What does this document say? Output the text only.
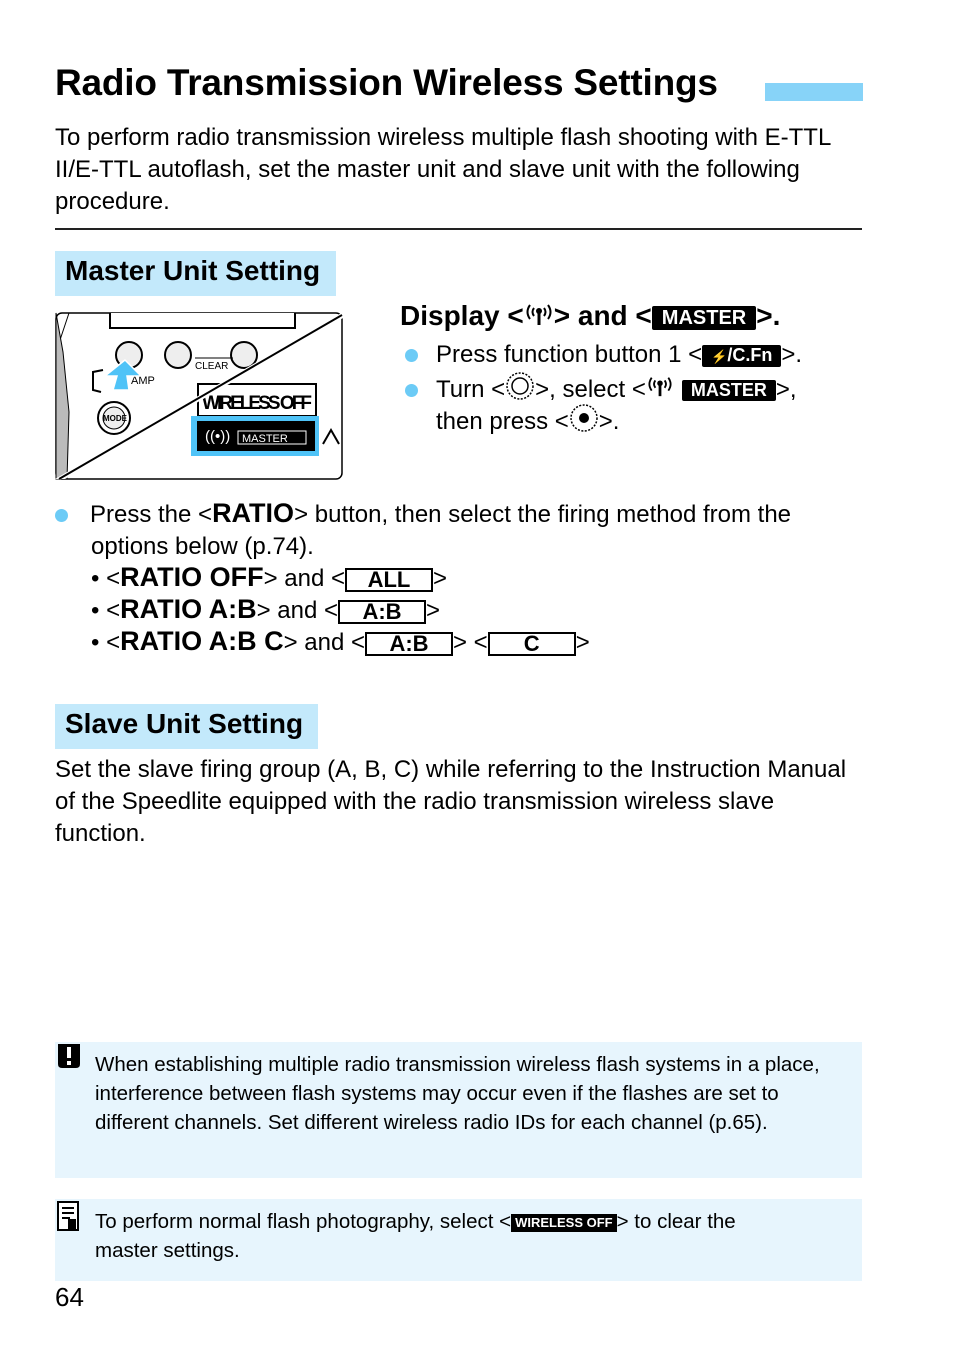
Radio Transmission Wireless Settings

To perform radio transmission wireless multiple flash shooting with E-TTL II/E-TTL autoflash, set the master unit and slave unit with the following procedure.

Master Unit Setting
CLEAR
AMP
MODE
WIRELESS OFF
((•)) MASTER
Display < > and < MASTER >.
Press function button 1 < ⚡/C.Fn >.
Turn < >, select <	MASTER >,
then press < >.
Press the <RATIO> button, then select the firing method from the
options below (p.74).
• <RATIO OFF> and < ALL >
• <RATIO A:B> and < A:B >
• <RATIO A:B C> and < A:B > < C >
Slave Unit Setting

Set the slave firing group (A, B, C) while referring to the Instruction Manual of the Speedlite equipped with the radio transmission wireless slave function.

When establishing multiple radio transmission wireless flash systems in a place, interference between flash systems may occur even if the flashes are set to different channels. Set different wireless radio IDs for each channel (p.65).
To perform normal flash photography, select < WIRELESS OFF > to clear the
master settings.
64
